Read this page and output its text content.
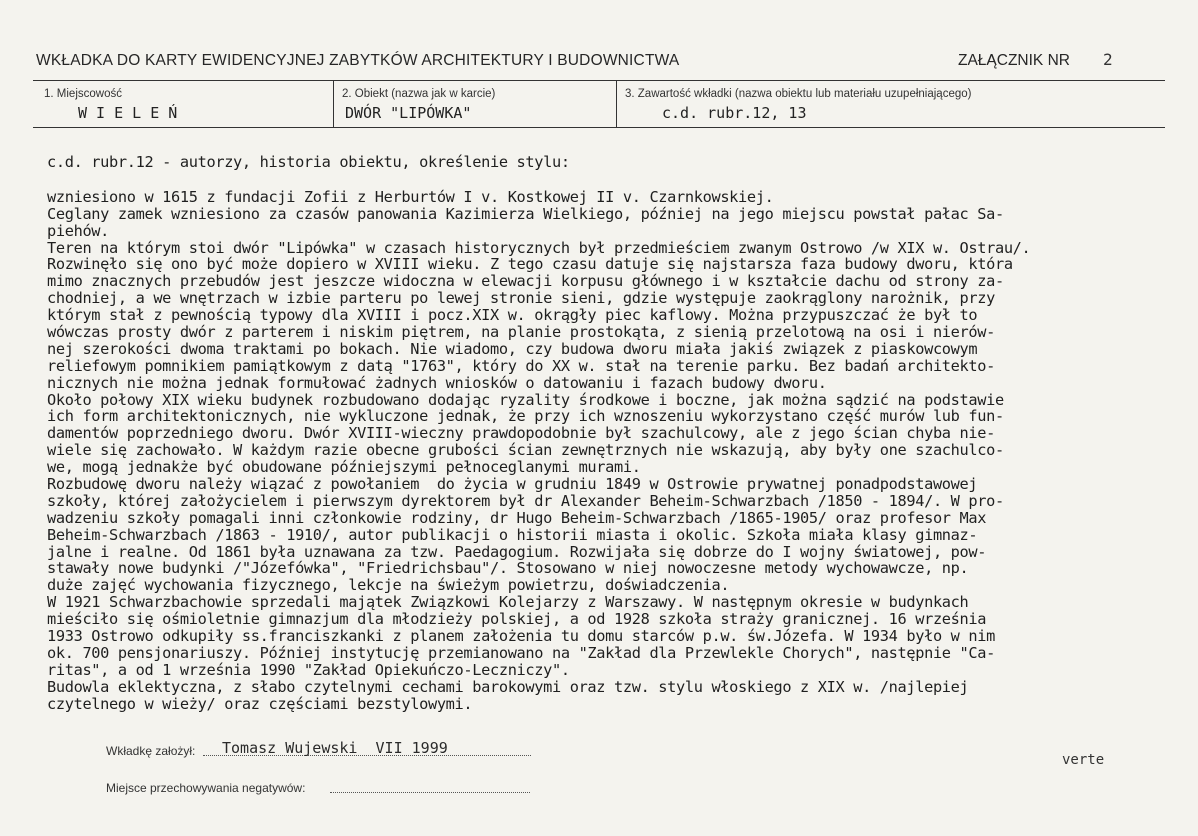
WKŁADKA DO KARTY EWIDENCYJNEJ ZABYTKÓW ARCHITEKTURY I BUDOWNICTWA	ZAŁĄCZNIK NR 2
1. Miejscowość
W I E L E Ń
2. Obiekt (nazwa jak w karcie)
DWÓR "LIPÓWKA"
3. Zawartość wkładki (nazwa obiektu lub materiału uzupełniającego)
c.d. rubr.12, 13
c.d. rubr.12 - autorzy, historia obiektu, określenie stylu:
wzniesiono w 1615 z fundacji Zofii z Herburtów I v. Kostkowej II v. Czarnkowskiej.
Ceglany zamek wzniesiono za czasów panowania Kazimierza Wielkiego, później na jego miejscu powstał pałac Sa-
piehów.
Teren na którym stoi dwór "Lipówka" w czasach historycznych był przedmieściem zwanym Ostrowo /w XIX w. Ostrau/.
Rozwinęło się ono być może dopiero w XVIII wieku. Z tego czasu datuje się najstarsza faza budowy dworu, która
mimo znacznych przebudów jest jeszcze widoczna w elewacji korpusu głównego i w kształcie dachu od strony za-
chodniej, a we wnętrzach w izbie parteru po lewej stronie sieni, gdzie występuje zaokrąglony narożnik, przy
którym stał z pewnością typowy dla XVIII i pocz.XIX w. okrągły piec kaflowy. Można przypuszczać że był to
wówczas prosty dwór z parterem i niskim piętrem, na planie prostokąta, z sienią przelotową na osi i nierów-
nej szerokości dwoma traktami po bokach. Nie wiadomo, czy budowa dworu miała jakiś związek z piaskowcowym
reliefowym pomnikiem pamiątkowym z datą "1763", który do XX w. stał na terenie parku. Bez badań architekto-
nicznych nie można jednak formułować żadnych wniosków o datowaniu i fazach budowy dworu.
Około połowy XIX wieku budynek rozbudowano dodając ryzality środkowe i boczne, jak można sądzić na podstawie
ich form architektonicznych, nie wykluczone jednak, że przy ich wznoszeniu wykorzystano część murów lub fun-
damentów poprzedniego dworu. Dwór XVIII-wieczny prawdopodobnie był szachulcowy, ale z jego ścian chyba nie-
wiele się zachowało. W każdym razie obecne grubości ścian zewnętrznych nie wskazują, aby były one szachulco-
we, mogą jednakże być obudowane późniejszymi pełnoceglanymi murami.
Rozbudowę dworu należy wiązać z powołaniem  do życia w grudniu 1849 w Ostrowie prywatnej ponadpodstawowej
szkoły, której założycielem i pierwszym dyrektorem był dr Alexander Beheim-Schwarzbach /1850 - 1894/. W pro-
wadzeniu szkoły pomagali inni członkowie rodziny, dr Hugo Beheim-Schwarzbach /1865-1905/ oraz profesor Max
Beheim-Schwarzbach /1863 - 1910/, autor publikacji o historii miasta i okolic. Szkoła miała klasy gimnaz-
jalne i realne. Od 1861 była uznawana za tzw. Paedagogium. Rozwijała się dobrze do I wojny światowej, pow-
stawały nowe budynki /"Józefówka", "Friedrichsbau"/. Stosowano w niej nowoczesne metody wychowawcze, np.
duże zajęć wychowania fizycznego, lekcje na świeżym powietrzu, doświadczenia.
W 1921 Schwarzbachowie sprzedali majątek Związkowi Kolejarzy z Warszawy. W następnym okresie w budynkach
mieściło się ośmioletnie gimnazjum dla młodzieży polskiej, a od 1928 szkoła straży granicznej. 16 września
1933 Ostrowo odkupiły ss.franciszkanki z planem założenia tu domu starców p.w. św.Józefa. W 1934 było w nim
ok. 700 pensjonariuszy. Później instytucję przemianowano na "Zakład dla Przewlekle Chorych", następnie "Ca-
ritas", a od 1 września 1990 "Zakład Opiekuńczo-Leczniczy".
Budowla eklektyczna, z słabo czytelnymi cechami barokowymi oraz tzw. stylu włoskiego z XIX w. /najlepiej
czytelnego w wieży/ oraz częściami bezstylowymi.
Wkładkę założył: Tomasz Wujewski  VII 1999
verte
Miejsce przechowywania negatywów:
